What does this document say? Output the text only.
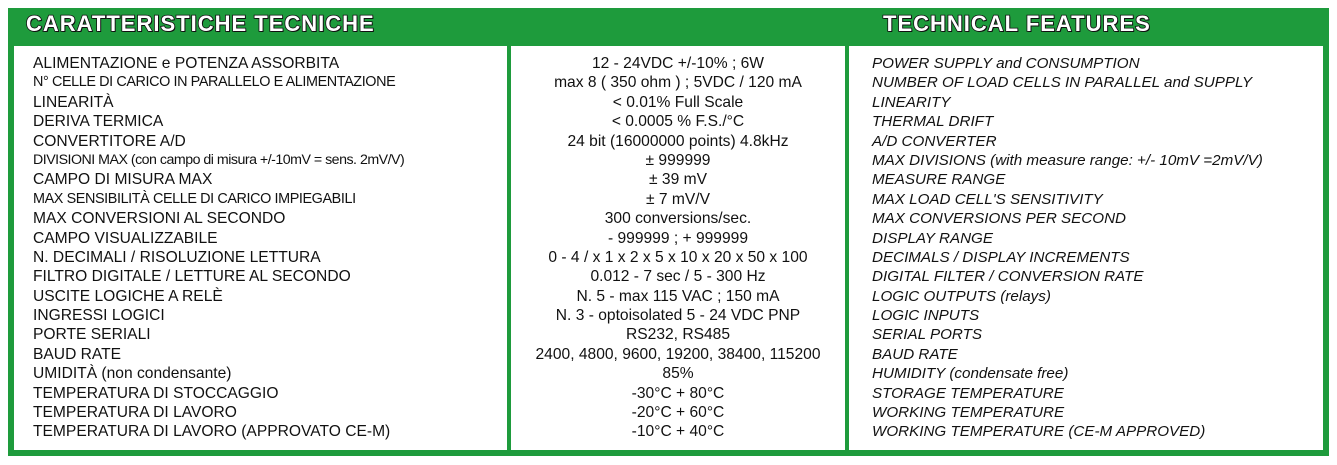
CARATTERISTICHE TECNICHE	TECHNICAL FEATURES
ALIMENTAZIONE e POTENZA ASSORBITA
N° CELLE DI CARICO IN PARALLELO E ALIMENTAZIONE
LINEARITÀ
DERIVA TERMICA
CONVERTITORE A/D
DIVISIONI MAX (con campo di misura +/-10mV = sens. 2mV/V)
CAMPO DI MISURA MAX
MAX SENSIBILITÀ CELLE DI CARICO IMPIEGABILI
MAX CONVERSIONI AL SECONDO
CAMPO VISUALIZZABILE
N. DECIMALI / RISOLUZIONE LETTURA
FILTRO DIGITALE / LETTURE AL SECONDO
USCITE LOGICHE A RELÈ
INGRESSI LOGICI
PORTE SERIALI
BAUD RATE
UMIDITÀ (non condensante)
TEMPERATURA DI STOCCAGGIO
TEMPERATURA DI LAVORO
TEMPERATURA DI LAVORO (APPROVATO CE-M)
12 - 24VDC +/-10% ; 6W
max 8 ( 350 ohm ) ; 5VDC / 120 mA
< 0.01% Full Scale
< 0.0005 % F.S./°C
24 bit (16000000 points) 4.8kHz
± 999999
± 39 mV
± 7 mV/V
300 conversions/sec.
- 999999 ; + 999999
0 - 4 / x 1 x 2 x 5 x 10 x 20 x 50 x 100
0.012 - 7 sec / 5 - 300 Hz
N. 5 - max 115 VAC ; 150 mA
N. 3 - optoisolated 5 - 24 VDC PNP
RS232, RS485
2400, 4800, 9600, 19200, 38400, 115200
85%
-30°C + 80°C
-20°C + 60°C
-10°C + 40°C
POWER SUPPLY and CONSUMPTION
NUMBER OF LOAD CELLS IN PARALLEL and SUPPLY
LINEARITY
THERMAL DRIFT
A/D CONVERTER
MAX DIVISIONS (with measure range: +/- 10mV =2mV/V)
MEASURE RANGE
MAX LOAD CELL'S SENSITIVITY
MAX CONVERSIONS PER SECOND
DISPLAY RANGE
DECIMALS / DISPLAY INCREMENTS
DIGITAL FILTER / CONVERSION RATE
LOGIC OUTPUTS (relays)
LOGIC INPUTS
SERIAL PORTS
BAUD RATE
HUMIDITY (condensate free)
STORAGE TEMPERATURE
WORKING TEMPERATURE
WORKING TEMPERATURE (CE-M APPROVED)
